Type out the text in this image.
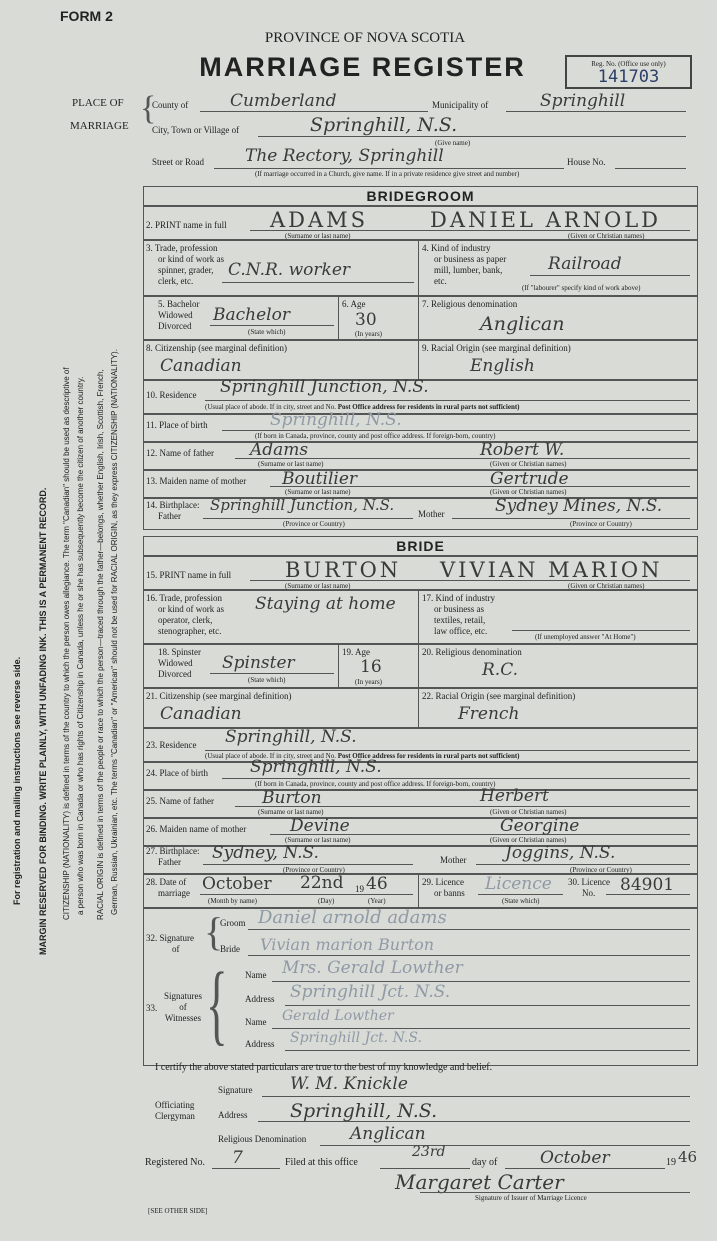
FORM 2
PROVINCE OF NOVA SCOTIA
MARRIAGE REGISTER	Reg. No. (Office use only)
141703
For registration and mailing instructions see reverse side. MARGIN RESERVED FOR BINDING. WRITE PLAINLY, WITH UNFADING INK. THIS IS A PERMANENT RECORD. CITIZENSHIP (NATIONALITY) is defined in terms of the country to which the person owes allegiance. The term "Canadian" should be used as descriptive of a person who was born in Canada or who has rights of Citizenship in Canada, unless he or she has subsequently become the citizen of another country. RACIAL ORIGIN is defined in terms of the people or race to which the person—traced through the father—belongs, whether English, Irish, Scottish, French, German, Russian, Ukrainian, etc. The terms "Canadian" or "American" should not be used for RACIAL ORIGIN, as they express CITIZENSHIP (NATIONALITY).
PLACE OF
MARRIAGE {
County of Cumberland	Municipality of	Springhill
City, Town or Village of	Springhill, N.S.
(Give name)
Street or Road The Rectory, Springhill	House No.
(If marriage occurred in a Church, give name. If in a private residence give street and number)
BRIDEGROOM
2. PRINT name in full ADAMS	DANIEL ARNOLD
(Surname or last name)	(Given or Christian names)
3. Trade, profession
or kind of work as
spinner, grader,
clerk, etc.
C.N.R. worker
4. Kind of industry
or business as paper
mill, lumber, bank,
etc.
Railroad
(If "labourer" specify kind of work above)
5. Bachelor
Widowed
Divorced
Bachelor
(State which)
6. Age
30
(In years)
7. Religious denomination
Anglican
8. Citizenship (see marginal definition)
Canadian
9. Racial Origin (see marginal definition)
English
10. Residence Springhill Junction, N.S.
(Usual place of abode. If in city, street and No. Post Office address for residents in rural parts not sufficient)
11. Place of birth	Springhill, N.S.
(If born in Canada, province, county and post office address. If foreign-born, country)
12. Name of father Adams	Robert W.
(Surname or last name)	(Given or Christian names)
13. Maiden name of mother Boutilier	Gertrude
(Surname or last name)	(Given or Christian names)
14. Birthplace:
Father
Springhill Junction, N.S.
(Province or Country)
Mother	Sydney Mines, N.S.
(Province or Country)
BRIDE
15. PRINT name in full	BURTON VIVIAN MARION
(Surname or last name)	(Given or Christian names)
16. Trade, profession
or kind of work as
operator, clerk,
stenographer, etc.
Staying at home	17. Kind of industry
or business as
textiles, retail,
law office, etc.
(If unemployed answer "At Home")
18. Spinster
Widowed
Divorced
Spinster
(State which)
19. Age
16
(In years)
20. Religious denomination
R.C.
21. Citizenship (see marginal definition)
Canadian
22. Racial Origin (see marginal definition)
French
23. Residence Springhill, N.S.
(Usual place of abode. If in city, street and No. Post Office address for residents in rural parts not sufficient)
24. Place of birth Springhill, N.S.
(If born in Canada, province, county and post office address. If foreign-born, country)
25. Name of father	Burton	Herbert
(Surname or last name)	(Given or Christian names)
26. Maiden name of mother	Devine	Georgine
(Surname or last name)	(Given or Christian names)
27. Birthplace:
Father	Sydney, N.S.
(Province or Country)
Mother Joggins, N.S.
(Province or Country)
28. Date of
marriage October 22nd 19 46
(Month by name)	(Day)	(Year)
29. Licence
or banns Licence
(State which)
30. Licence
No.	84901
32. Signature
of {
Groom Daniel arnold adams
Bride Vivian marion Burton
33.
Signatures
of
Witnesses { Name Mrs. Gerald Lowther
Address Springhill Jct. N.S.
Name Gerald Lowther
Address Springhill Jct. N.S.
I certify the above stated particulars are true to the best of my knowledge and belief.
Officiating
Clergyman
Signature W. M. Knickle
Address Springhill, N.S.
Religious Denomination	Anglican
Registered No. 7	Filed at this office
23rd
day of	October	19 46
Margaret Carter
Signature of Issuer of Marriage Licence
[SEE OTHER SIDE]
